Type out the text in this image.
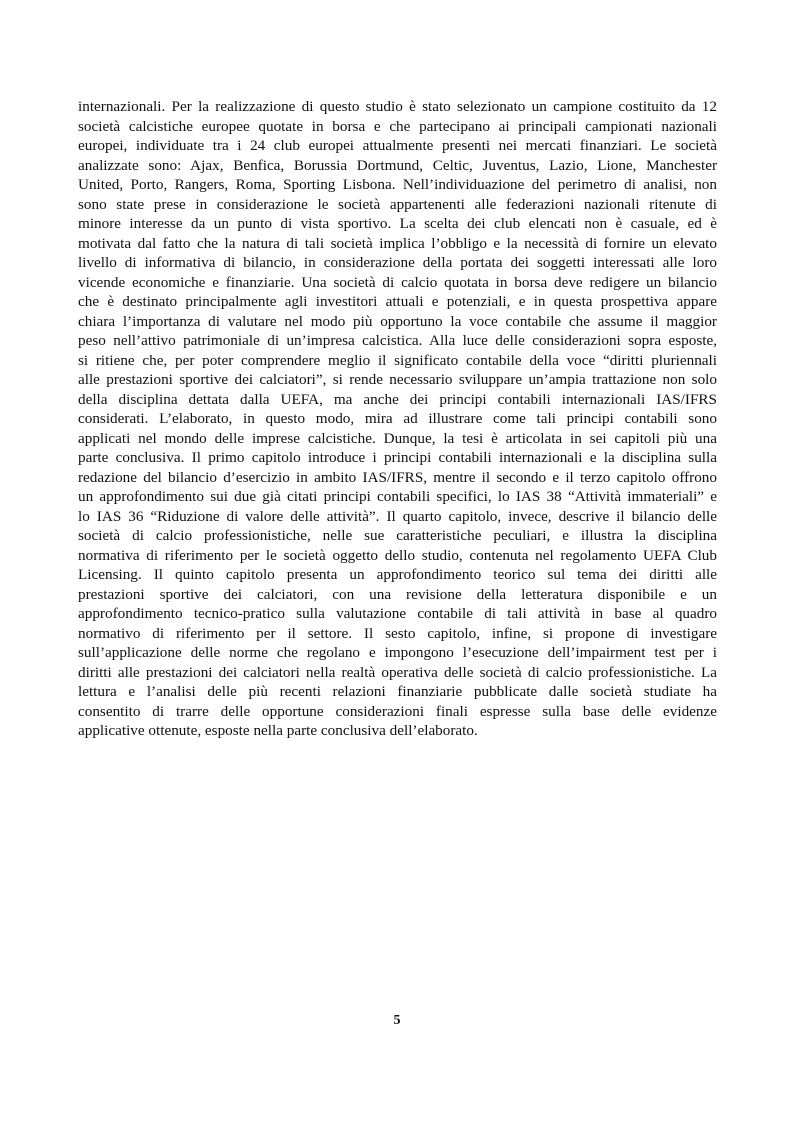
internazionali. Per la realizzazione di questo studio è stato selezionato un campione costituito da 12
società calcistiche europee quotate in borsa e che partecipano ai principali campionati nazionali
europei, individuate tra i 24 club europei attualmente presenti nei mercati finanziari. Le società
analizzate sono: Ajax, Benfica, Borussia Dortmund, Celtic, Juventus, Lazio, Lione, Manchester
United, Porto, Rangers, Roma, Sporting Lisbona. Nell’individuazione del perimetro di analisi, non
sono state prese in considerazione le società appartenenti alle federazioni nazionali ritenute di
minore interesse da un punto di vista sportivo. La scelta dei club elencati non è casuale, ed è
motivata dal fatto che la natura di tali società implica l’obbligo e la necessità di fornire un elevato
livello di informativa di bilancio, in considerazione della portata dei soggetti interessati alle loro
vicende economiche e finanziarie. Una società di calcio quotata in borsa deve redigere un bilancio
che è destinato principalmente agli investitori attuali e potenziali, e in questa prospettiva appare
chiara l’importanza di valutare nel modo più opportuno la voce contabile che assume il maggior
peso nell’attivo patrimoniale di un’impresa calcistica. Alla luce delle considerazioni sopra esposte,
si ritiene che, per poter comprendere meglio il significato contabile della voce “diritti pluriennali
alle prestazioni sportive dei calciatori”, si rende necessario sviluppare un’ampia trattazione non solo
della disciplina dettata dalla UEFA, ma anche dei principi contabili internazionali IAS/IFRS
considerati. L’elaborato, in questo modo, mira ad illustrare come tali principi contabili sono
applicati nel mondo delle imprese calcistiche. Dunque, la tesi è articolata in sei capitoli più una
parte conclusiva. Il primo capitolo introduce i principi contabili internazionali e la disciplina sulla
redazione del bilancio d’esercizio in ambito IAS/IFRS, mentre il secondo e il terzo capitolo offrono
un approfondimento sui due già citati principi contabili specifici, lo IAS 38 “Attività immateriali” e
lo IAS 36 “Riduzione di valore delle attività”. Il quarto capitolo, invece, descrive il bilancio delle
società di calcio professionistiche, nelle sue caratteristiche peculiari, e illustra la disciplina
normativa di riferimento per le società oggetto dello studio, contenuta nel regolamento UEFA Club
Licensing. Il quinto capitolo presenta un approfondimento teorico sul tema dei diritti alle
prestazioni sportive dei calciatori, con una revisione della letteratura disponibile e un
approfondimento tecnico-pratico sulla valutazione contabile di tali attività in base al quadro
normativo di riferimento per il settore. Il sesto capitolo, infine, si propone di investigare
sull’applicazione delle norme che regolano e impongono l’esecuzione dell’impairment test per i
diritti alle prestazioni dei calciatori nella realtà operativa delle società di calcio professionistiche. La
lettura e l’analisi delle più recenti relazioni finanziarie pubblicate dalle società studiate ha
consentito di trarre delle opportune considerazioni finali espresse sulla base delle evidenze
applicative ottenute, esposte nella parte conclusiva dell’elaborato.
5
